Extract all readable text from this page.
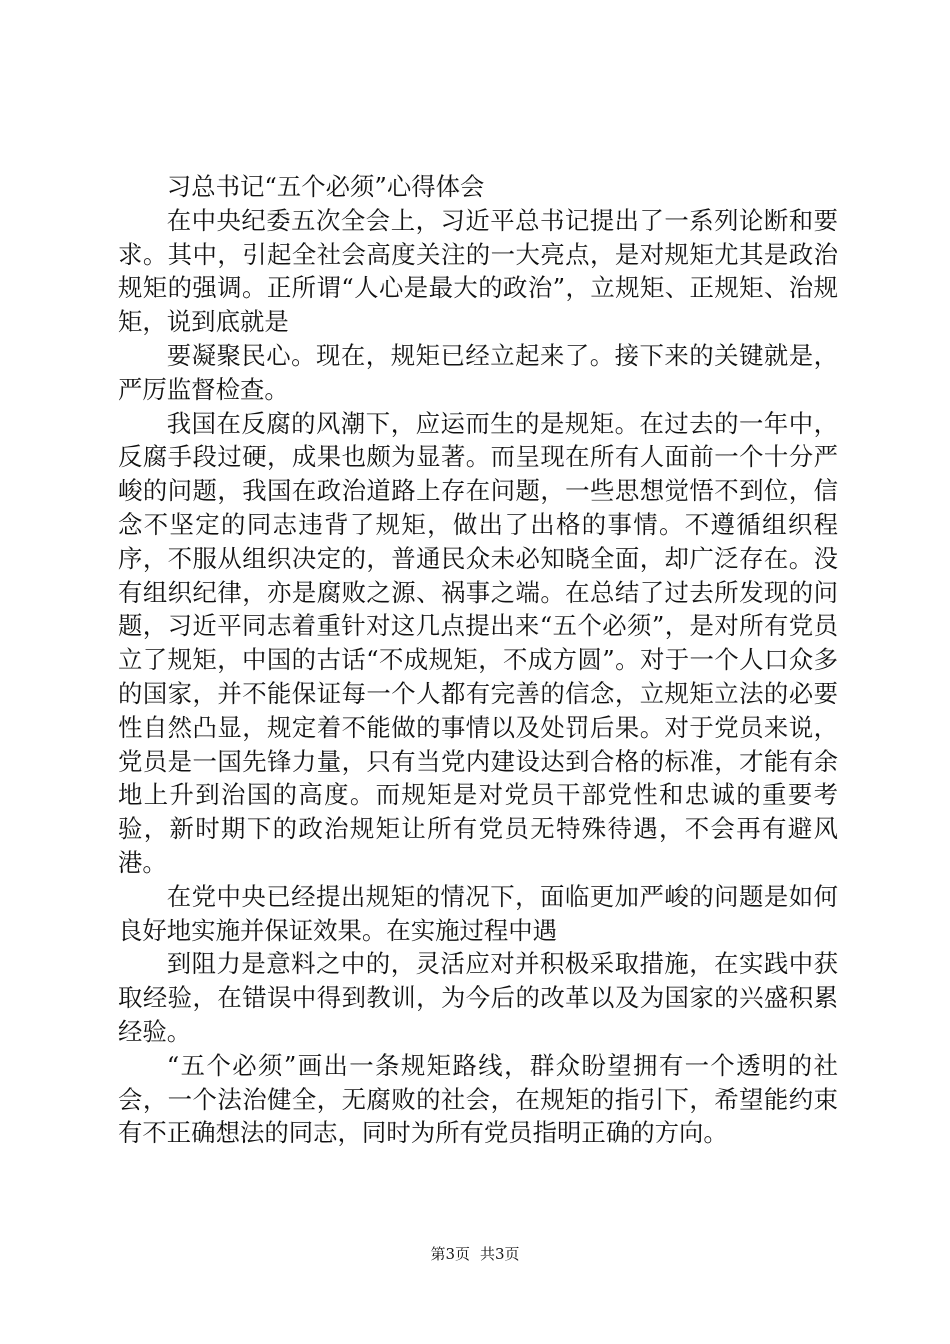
习总书记“五个必须”心得体会

在中央纪委五次全会上，习近平总书记提出了一系列论断和要求。其中，引起全社会高度关注的一大亮点，是对规矩尤其是政治规矩的强调。正所谓“人心是最大的政治”，立规矩、正规矩、治规矩，说到底就是

要凝聚民心。现在，规矩已经立起来了。接下来的关键就是，严厉监督检查。

我国在反腐的风潮下，应运而生的是规矩。在过去的一年中，反腐手段过硬，成果也颇为显著。而呈现在所有人面前一个十分严峻的问题，我国在政治道路上存在问题，一些思想觉悟不到位，信念不坚定的同志违背了规矩，做出了出格的事情。不遵循组织程序，不服从组织决定的，普通民众未必知晓全面，却广泛存在。没有组织纪律，亦是腐败之源、祸事之端。在总结了过去所发现的问题，习近平同志着重针对这几点提出来“五个必须”，是对所有党员立了规矩，中国的古话“不成规矩，不成方圆”。对于一个人口众多的国家，并不能保证每一个人都有完善的信念，立规矩立法的必要性自然凸显，规定着不能做的事情以及处罚后果。对于党员来说，党员是一国先锋力量，只有当党内建设达到合格的标准，才能有余地上升到治国的高度。而规矩是对党员干部党性和忠诚的重要考验，新时期下的政治规矩让所有党员无特殊待遇，不会再有避风港。

在党中央已经提出规矩的情况下，面临更加严峻的问题是如何良好地实施并保证效果。在实施过程中遇

到阻力是意料之中的，灵活应对并积极采取措施，在实践中获取经验，在错误中得到教训，为今后的改革以及为国家的兴盛积累经验。

“五个必须”画出一条规矩路线，群众盼望拥有一个透明的社会，一个法治健全，无腐败的社会，在规矩的指引下，希望能约束有不正确想法的同志，同时为所有党员指明正确的方向。

第3页 共3页
